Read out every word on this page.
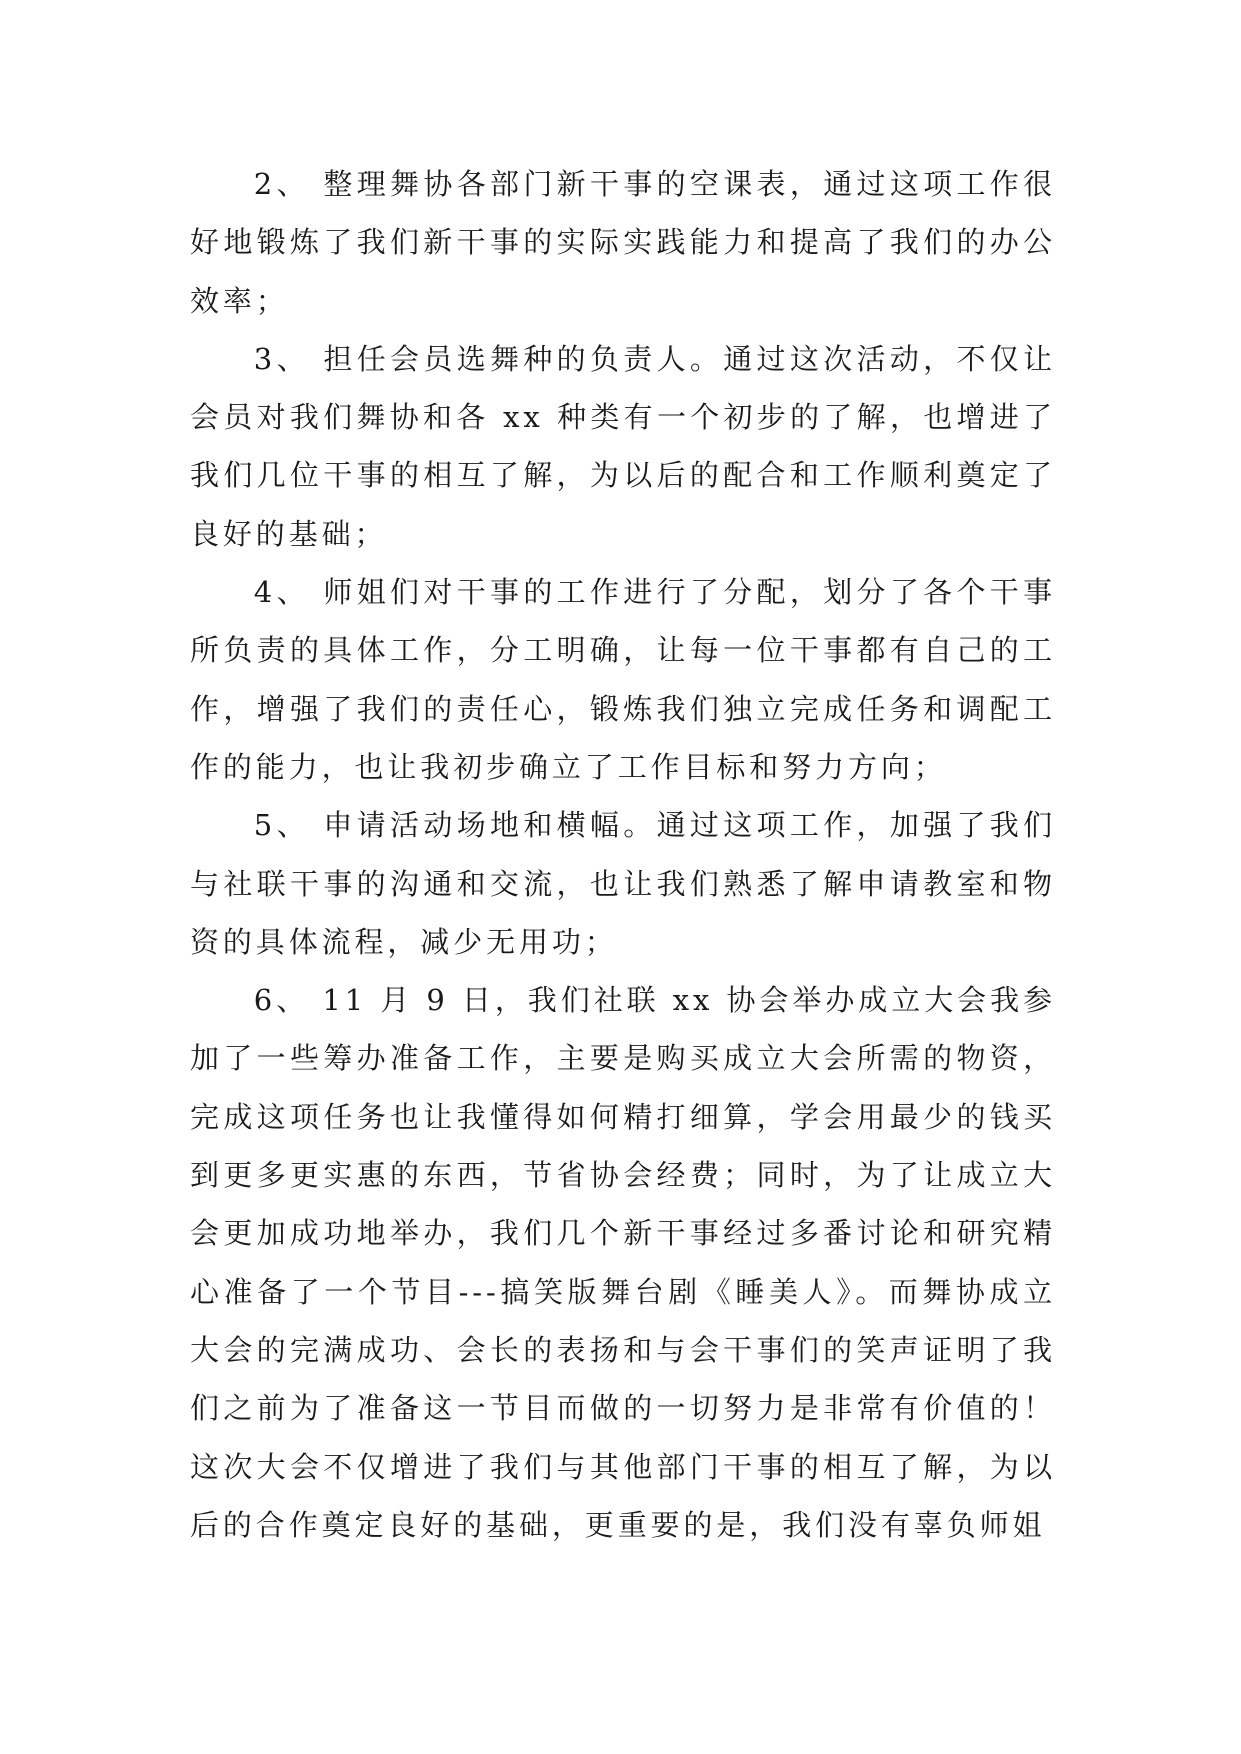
2、 整理舞协各部门新干事的空课表，通过这项工作很好地锻炼了我们新干事的实际实践能力和提高了我们的办公效率；

3、 担任会员选舞种的负责人。通过这次活动，不仅让会员对我们舞协和各 xx 种类有一个初步的了解，也增进了我们几位干事的相互了解，为以后的配合和工作顺利奠定了良好的基础；

4、 师姐们对干事的工作进行了分配，划分了各个干事所负责的具体工作，分工明确，让每一位干事都有自己的工作，增强了我们的责任心，锻炼我们独立完成任务和调配工作的能力，也让我初步确立了工作目标和努力方向；

5、 申请活动场地和横幅。通过这项工作，加强了我们与社联干事的沟通和交流，也让我们熟悉了解申请教室和物资的具体流程，减少无用功；

6、 11 月 9 日，我们社联 xx 协会举办成立大会我参加了一些筹办准备工作，主要是购买成立大会所需的物资，完成这项任务也让我懂得如何精打细算，学会用最少的钱买到更多更实惠的东西，节省协会经费；同时，为了让成立大会更加成功地举办，我们几个新干事经过多番讨论和研究精心准备了一个节目---搞笑版舞台剧《睡美人》。而舞协成立大会的完满成功、会长的表扬和与会干事们的笑声证明了我们之前为了准备这一节目而做的一切努力是非常有价值的！这次大会不仅增进了我们与其他部门干事的相互了解，为以后的合作奠定良好的基础，更重要的是，我们没有辜负师姐
